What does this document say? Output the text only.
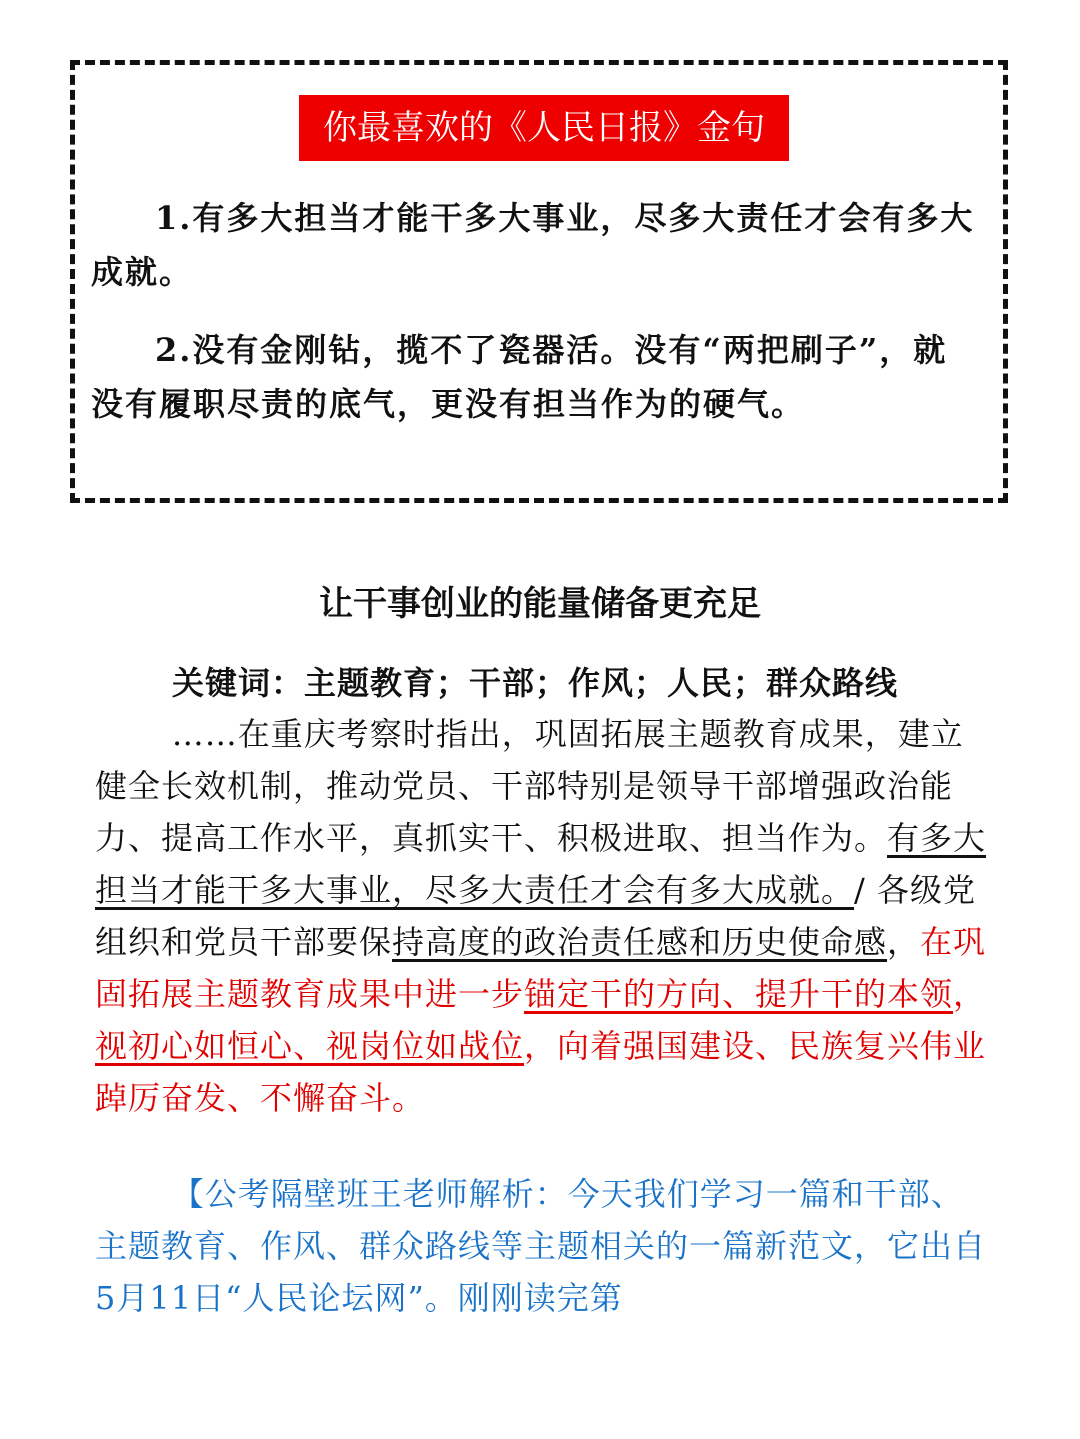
你最喜欢的《人民日报》金句

1.有多大担当才能干多大事业，尽多大责任才会有多大成就。

2.没有金刚钻，揽不了瓷器活。没有“两把刷子”，就没有履职尽责的底气，更没有担当作为的硬气。

让干事创业的能量储备更充足

关键词：主题教育；干部；作风；人民；群众路线

……在重庆考察时指出，巩固拓展主题教育成果，建立健全长效机制，推动党员、干部特别是领导干部增强政治能力、提高工作水平，真抓实干、积极进取、担当作为。有多大担当才能干多大事业，尽多大责任才会有多大成就。/ 各级党组织和党员干部要保持高度的政治责任感和历史使命感，在巩固拓展主题教育成果中进一步锚定干的方向、提升干的本领，视初心如恒心、视岗位如战位，向着强国建设、民族复兴伟业踔厉奋发、不懈奋斗。

【公考隔壁班王老师解析：今天我们学习一篇和干部、主题教育、作风、群众路线等主题相关的一篇新范文，它出自5月11日“人民论坛网”。刚刚读完第
